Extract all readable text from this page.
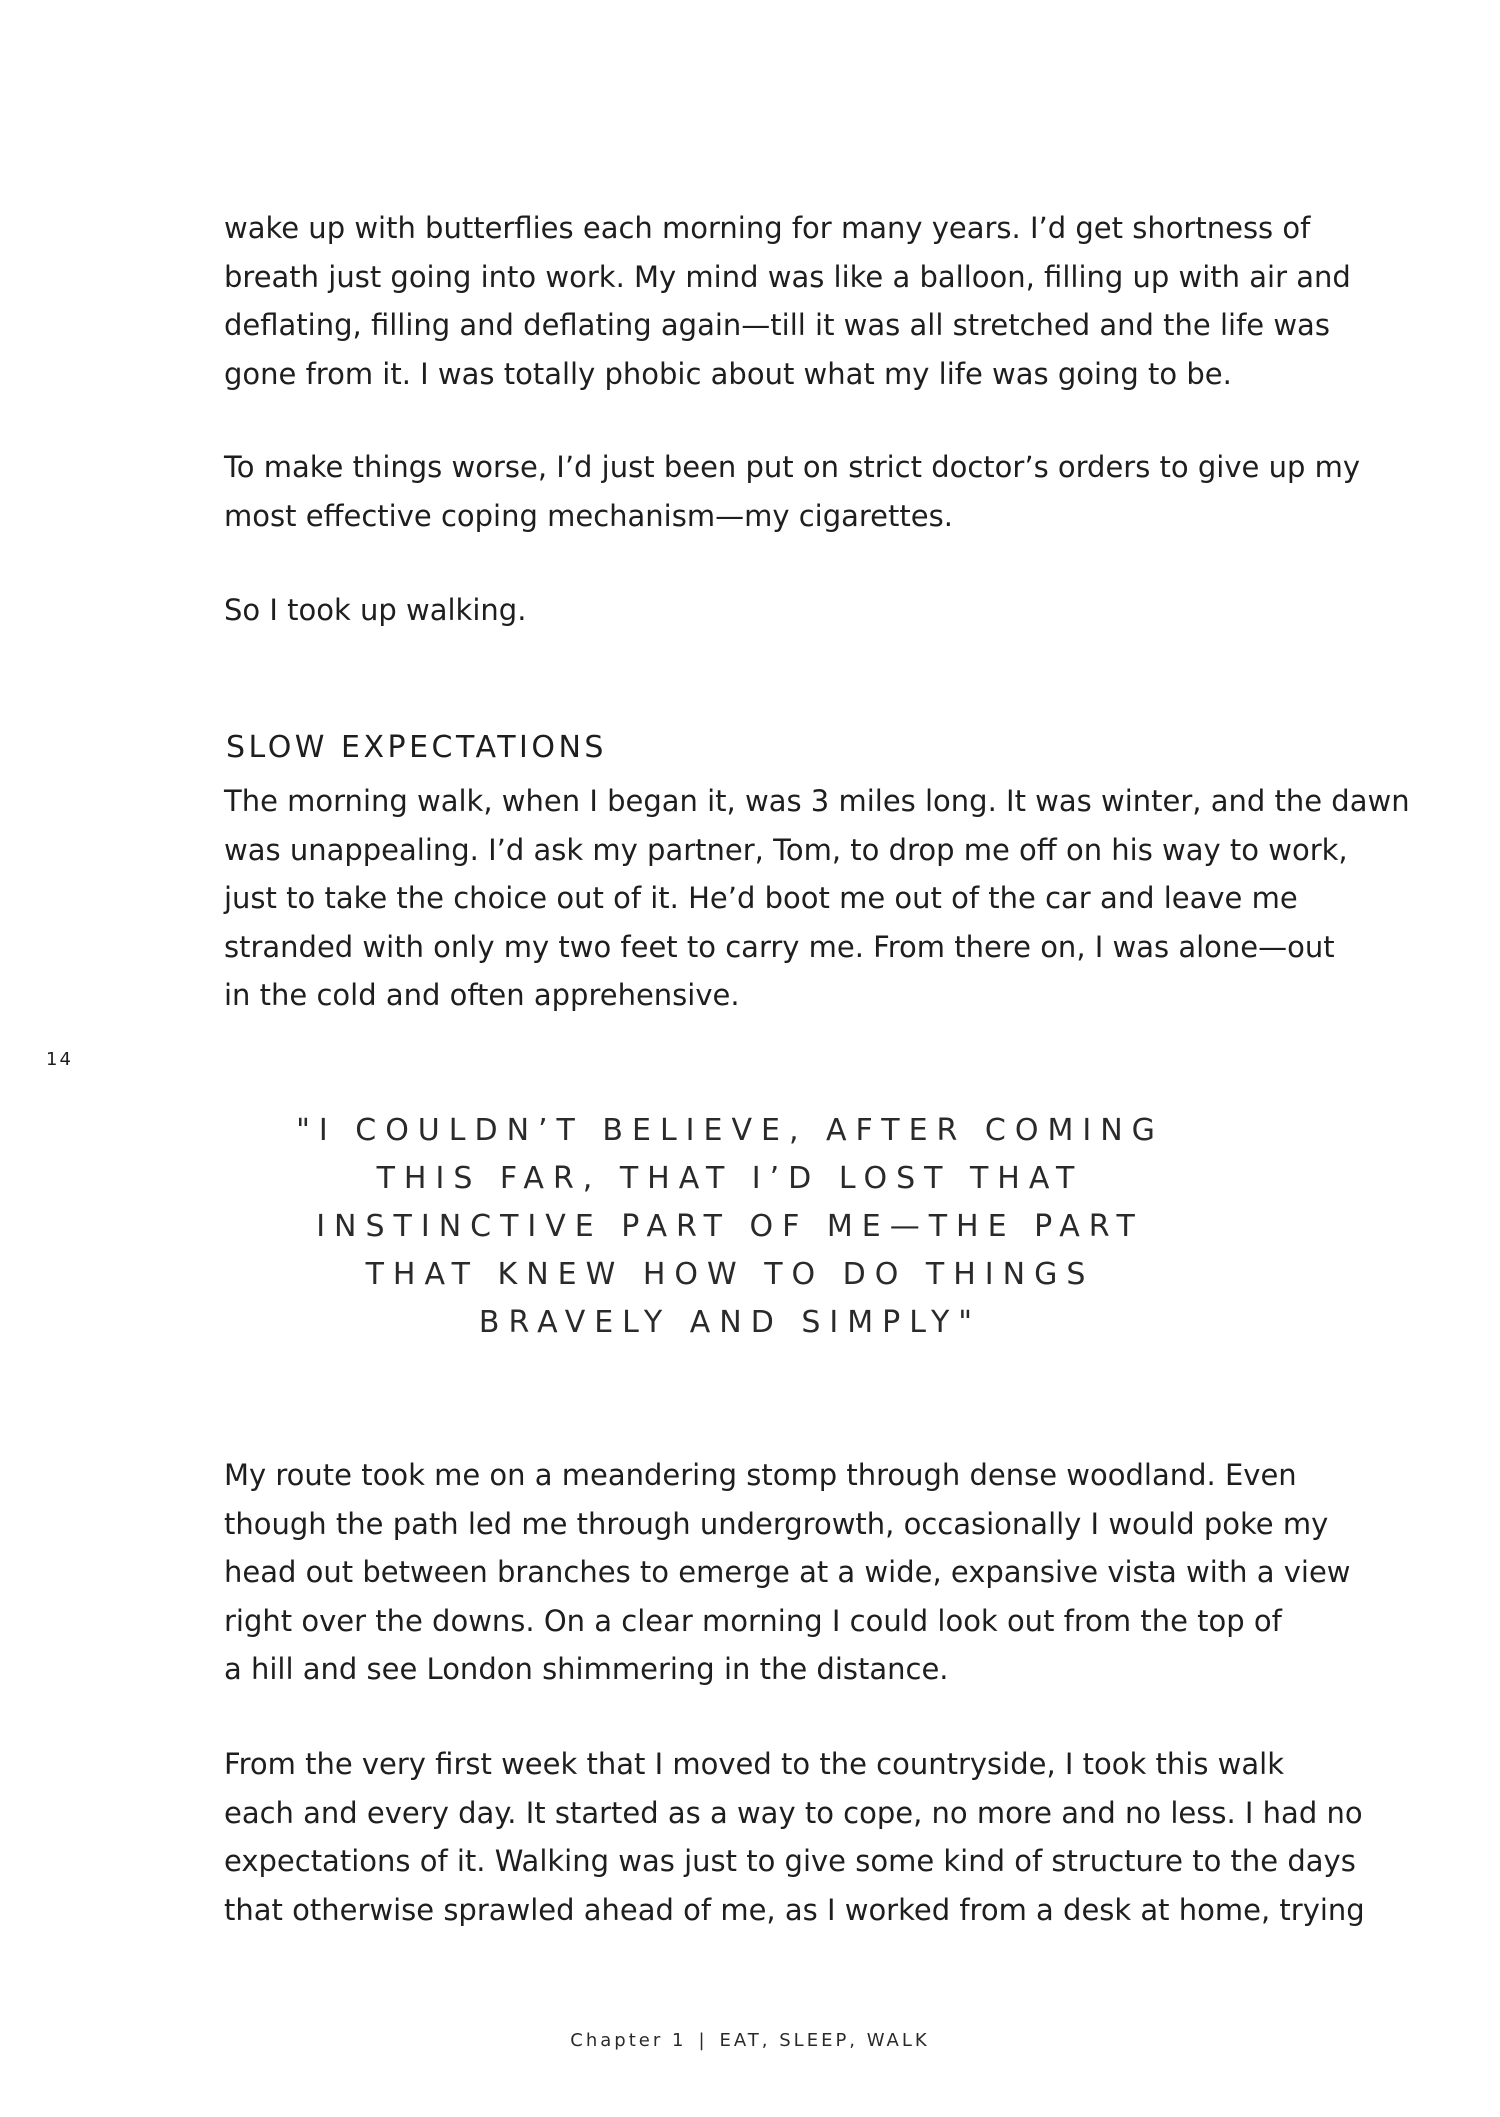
wake up with butterflies each morning for many years. I’d get shortness of
breath just going into work. My mind was like a balloon, filling up with air and
deflating, filling and deflating again—till it was all stretched and the life was
gone from it. I was totally phobic about what my life was going to be.

To make things worse, I’d just been put on strict doctor’s orders to give up my
most effective coping mechanism—my cigarettes.

So I took up walking.

SLOW EXPECTATIONS

The morning walk, when I began it, was 3 miles long. It was winter, and the dawn
was unappealing. I’d ask my partner, Tom, to drop me off on his way to work,
just to take the choice out of it. He’d boot me out of the car and leave me
stranded with only my two feet to carry me. From there on, I was alone—out
in the cold and often apprehensive.

14
"I COULDN’T BELIEVE, AFTER COMING
THIS FAR, THAT I’D LOST THAT
INSTINCTIVE PART OF ME—THE PART
THAT KNEW HOW TO DO THINGS
BRAVELY AND SIMPLY"

My route took me on a meandering stomp through dense woodland. Even
though the path led me through undergrowth, occasionally I would poke my
head out between branches to emerge at a wide, expansive vista with a view
right over the downs. On a clear morning I could look out from the top of
a hill and see London shimmering in the distance.

From the very first week that I moved to the countryside, I took this walk
each and every day. It started as a way to cope, no more and no less. I had no
expectations of it. Walking was just to give some kind of structure to the days
that otherwise sprawled ahead of me, as I worked from a desk at home, trying

Chapter 1 | EAT, SLEEP, WALK
